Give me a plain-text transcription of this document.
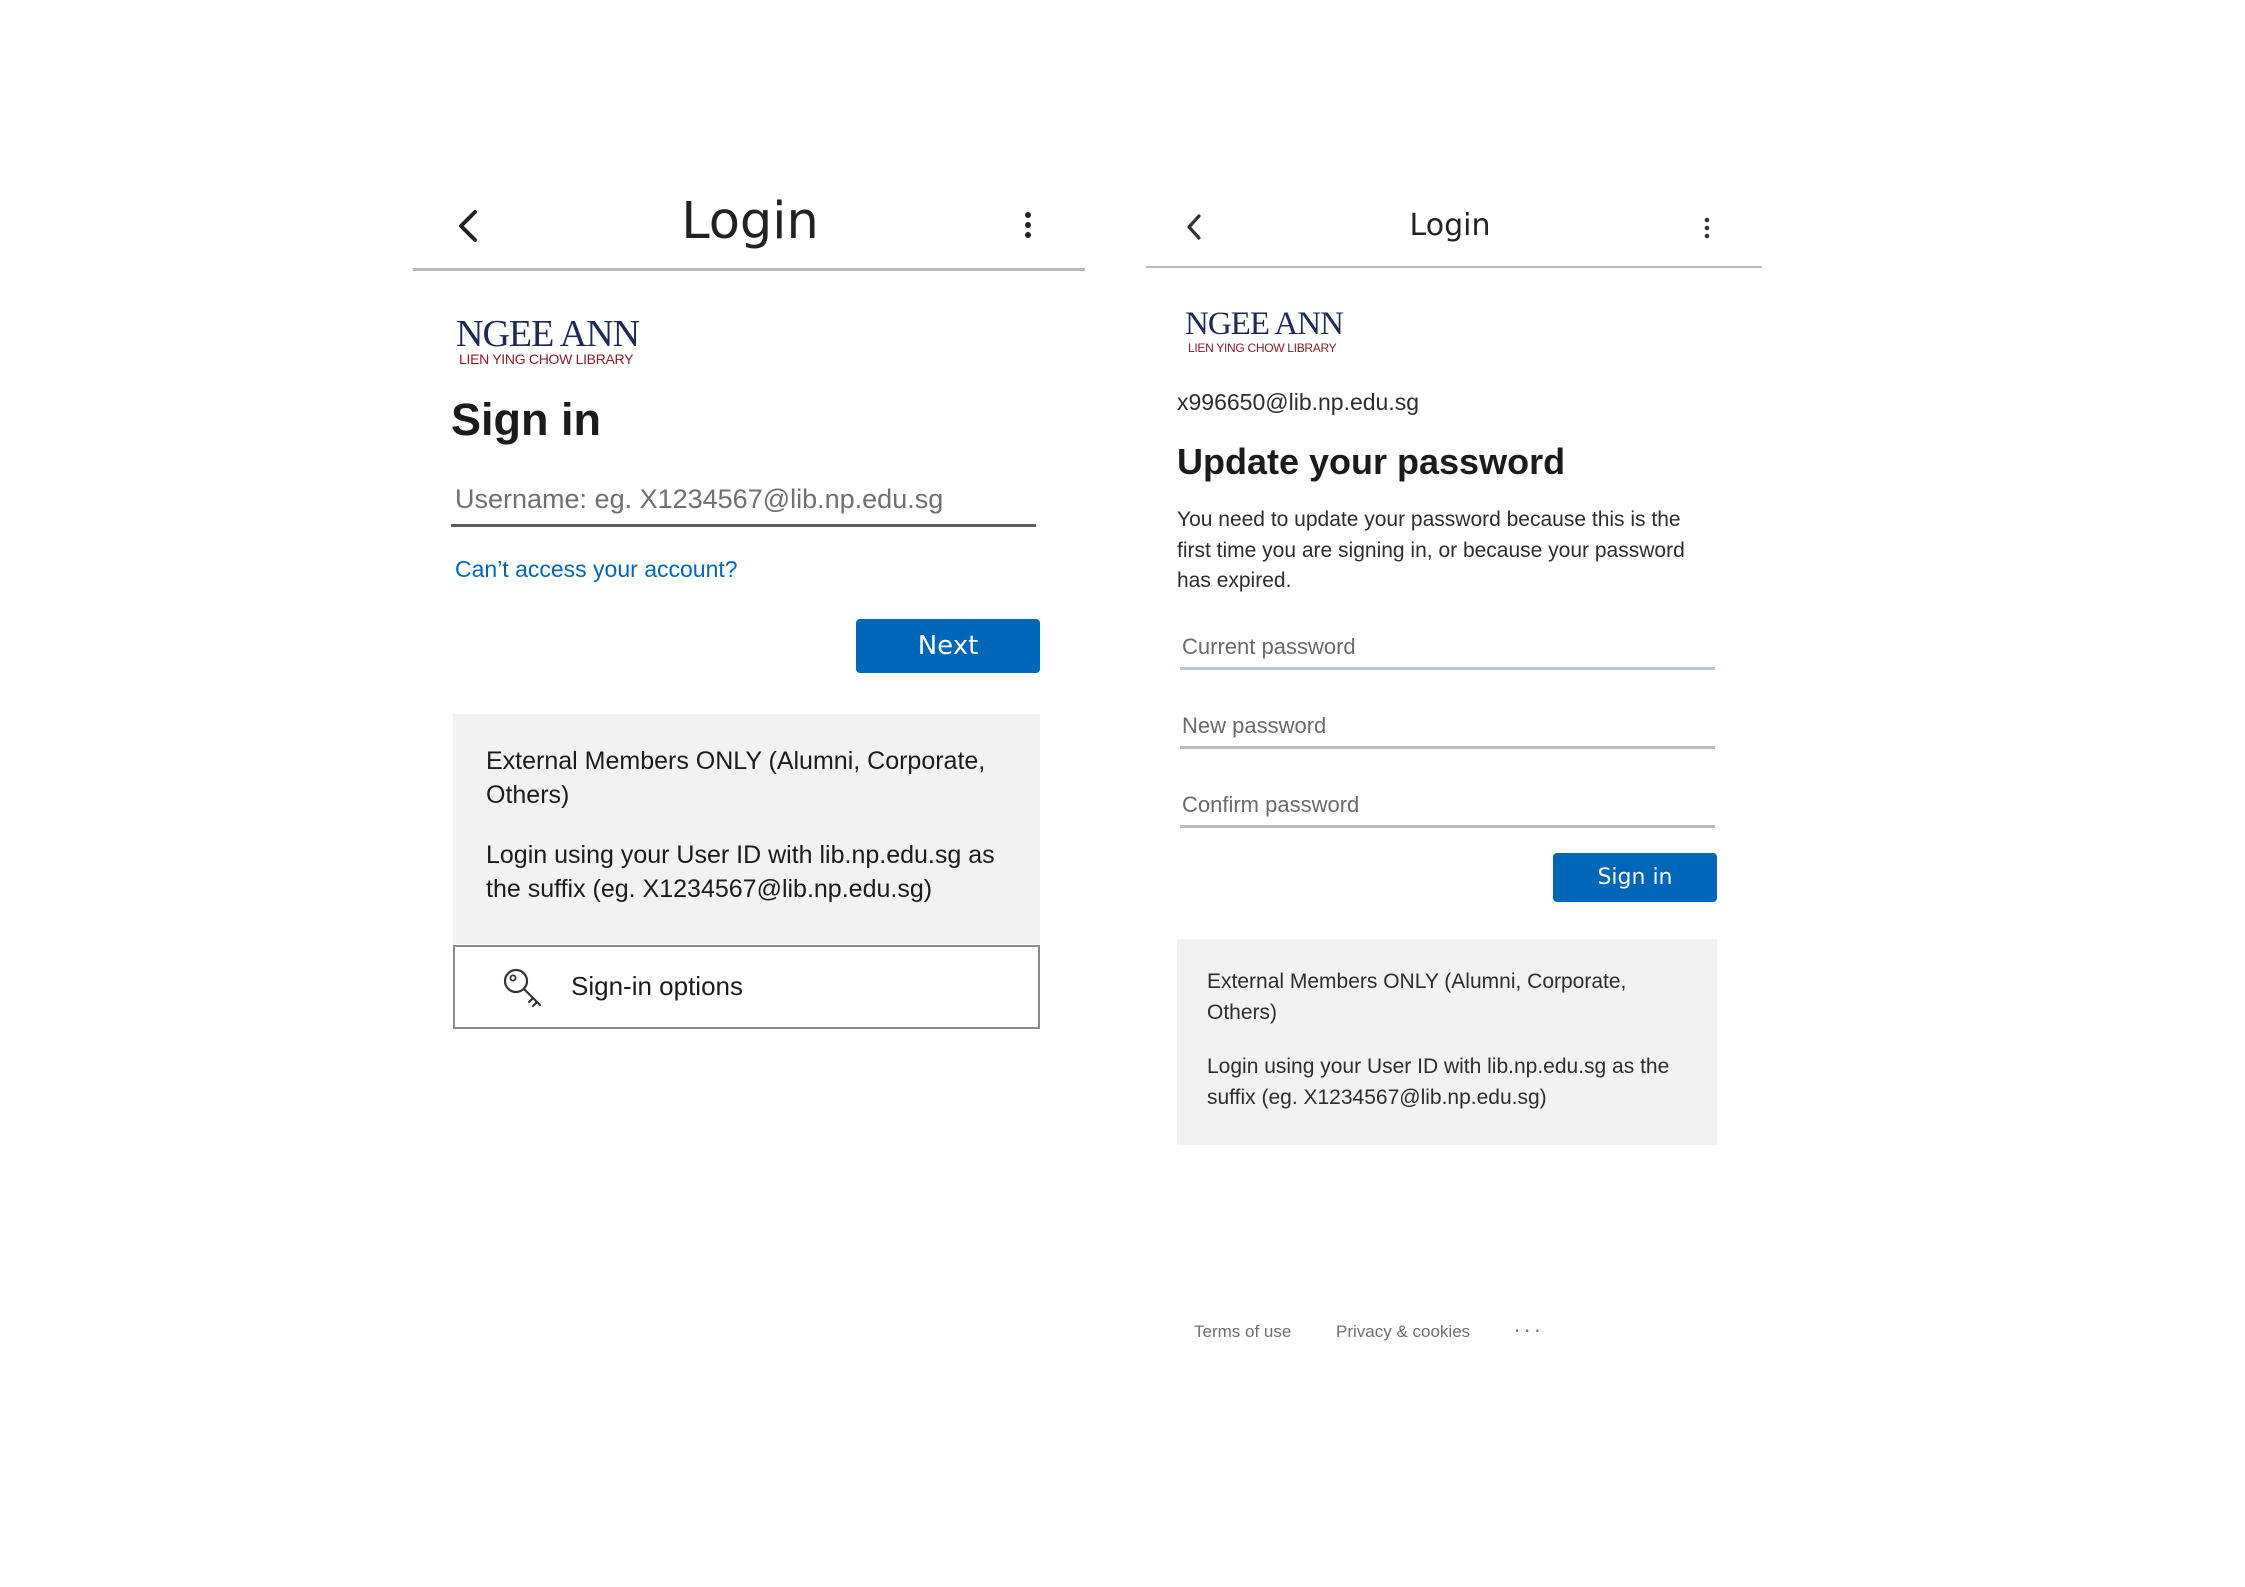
Login
NGEE ANN
LIEN YING CHOW LIBRARY
Sign in
Username: eg. X1234567@lib.np.edu.sg
Can’t access your account?
Next

External Members ONLY (Alumni, Corporate, Others)

Login using your User ID with lib.np.edu.sg as the suffix (eg. X1234567@lib.np.edu.sg)

Sign-in options
Login
NGEE ANN
LIEN YING CHOW LIBRARY
x996650@lib.np.edu.sg
Update your password
You need to update your password because this is the first time you are signing in, or because your password has expired.
Sign in

External Members ONLY (Alumni, Corporate, Others)

Login using your User ID with lib.np.edu.sg as the suffix (eg. X1234567@lib.np.edu.sg)

Terms of use	Privacy & cookies ...
